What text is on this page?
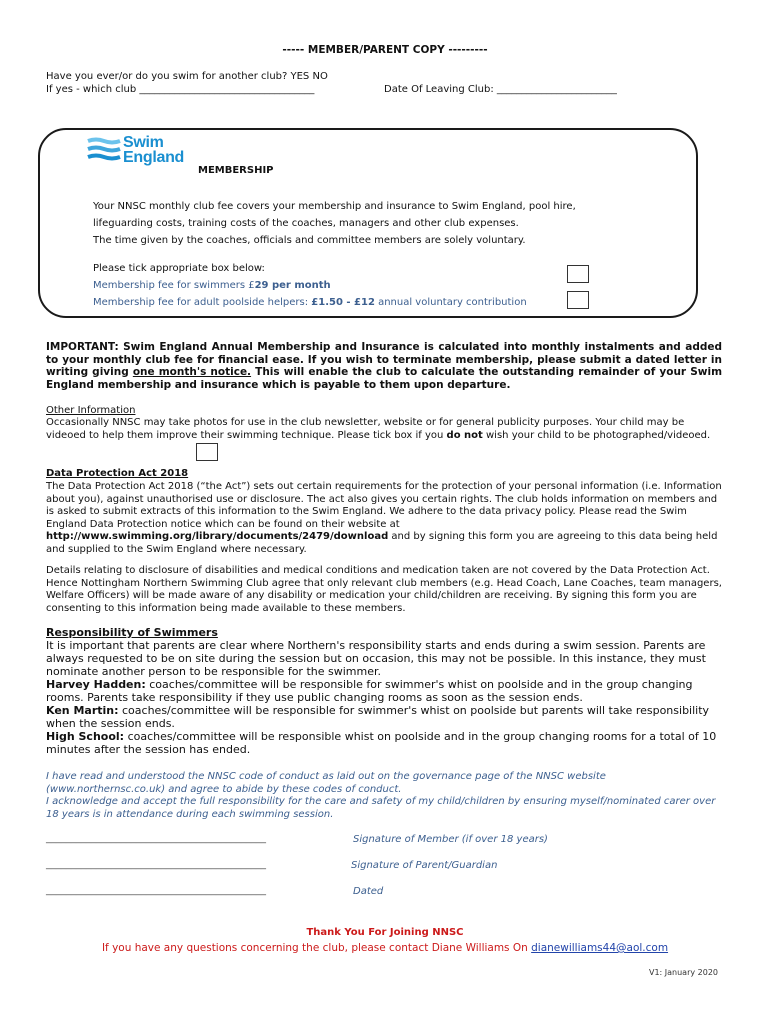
----- MEMBER/PARENT COPY ---------
Have you ever/or do you swim for another club? YES NO
If yes - which club ___________________________________	Date Of Leaving Club: ________________________
Swim
England
MEMBERSHIP
Your NNSC monthly club fee covers your membership and insurance to Swim England, pool hire,
lifeguarding costs, training costs of the coaches, managers and other club expenses.
The time given by the coaches, officials and committee members are solely voluntary.
Please tick appropriate box below:
Membership fee for swimmers £29 per month
Membership fee for adult poolside helpers: £1.50 - £12 annual voluntary contribution
IMPORTANT: Swim England Annual Membership and Insurance is calculated into monthly instalments and added to your monthly club fee for financial ease. If you wish to terminate membership, please submit a dated letter in writing giving one month's notice. This will enable the club to calculate the outstanding remainder of your Swim England membership and insurance which is payable to them upon departure.
Other Information
Occasionally NNSC may take photos for use in the club newsletter, website or for general publicity purposes. Your child may be videoed to help them improve their swimming technique. Please tick box if you do not wish your child to be photographed/videoed.
Data Protection Act 2018
The Data Protection Act 2018 (“the Act”) sets out certain requirements for the protection of your personal information (i.e. Information about you), against unauthorised use or disclosure. The act also gives you certain rights. The club holds information on members and is asked to submit extracts of this information to the Swim England. We adhere to the data privacy policy. Please read the Swim England Data Protection notice which can be found on their website at http://www.swimming.org/library/documents/2479/download and by signing this form you are agreeing to this data being held and supplied to the Swim England where necessary.
Details relating to disclosure of disabilities and medical conditions and medication taken are not covered by the Data Protection Act. Hence Nottingham Northern Swimming Club agree that only relevant club members (e.g. Head Coach, Lane Coaches, team managers, Welfare Officers) will be made aware of any disability or medication your child/children are receiving. By signing this form you are consenting to this information being made available to these members.
Responsibility of Swimmers
It is important that parents are clear where Northern's responsibility starts and ends during a swim session. Parents are always requested to be on site during the session but on occasion, this may not be possible. In this instance, they must nominate another person to be responsible for the swimmer.
Harvey Hadden: coaches/committee will be responsible for swimmer's whist on poolside and in the group changing rooms. Parents take responsibility if they use public changing rooms as soon as the session ends.
Ken Martin: coaches/committee will be responsible for swimmer's whist on poolside but parents will take responsibility when the session ends.
High School: coaches/committee will be responsible whist on poolside and in the group changing rooms for a total of 10 minutes after the session has ended.
I have read and understood the NNSC code of conduct as laid out on the governance page of the NNSC website (www.northernsc.co.uk) and agree to abide by these codes of conduct.
I acknowledge and accept the full responsibility for the care and safety of my child/children by ensuring myself/nominated carer over 18 years is in attendance during each swimming session.
____________________________________________	Signature of Member (if over 18 years)
____________________________________________	Signature of Parent/Guardian
____________________________________________	Dated
Thank You For Joining NNSC
If you have any questions concerning the club, please contact Diane Williams On dianewilliams44@aol.com
V1: January 2020
